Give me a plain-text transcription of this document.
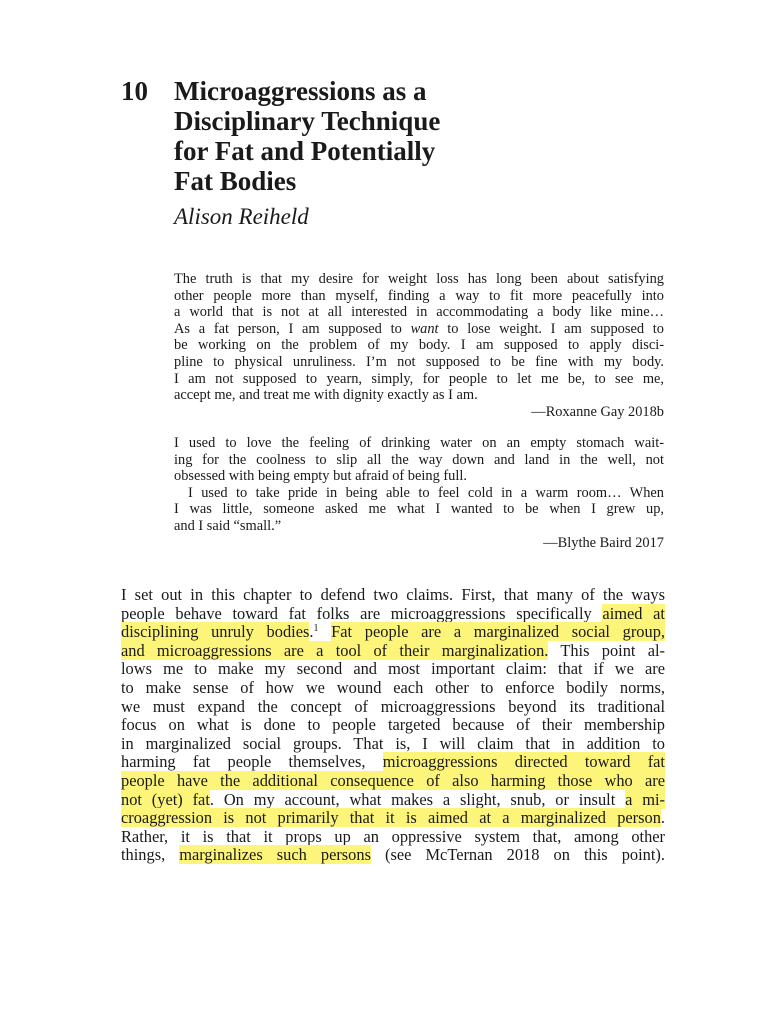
10 Microaggressions as a
Disciplinary Technique
for Fat and Potentially
Fat Bodies
Alison Reiheld
The truth is that my desire for weight loss has long been about satisfying
other people more than myself, finding a way to fit more peacefully into
a world that is not at all interested in accommodating a body like mine…
As a fat person, I am supposed to want to lose weight. I am supposed to
be working on the problem of my body. I am supposed to apply disci-
pline to physical unruliness. I’m not supposed to be fine with my body.
I am not supposed to yearn, simply, for people to let me be, to see me,
accept me, and treat me with dignity exactly as I am.
—Roxanne Gay 2018b
I used to love the feeling of drinking water on an empty stomach wait-
ing for the coolness to slip all the way down and land in the well, not
obsessed with being empty but afraid of being full.
I used to take pride in being able to feel cold in a warm room… When
I was little, someone asked me what I wanted to be when I grew up,
and I said “small.”
—Blythe Baird 2017
I set out in this chapter to defend two claims. First, that many of the ways
people behave toward fat folks are microaggressions specifically aimed at
disciplining unruly bodies.$^1$ Fat people are a marginalized social group,
and microaggressions are a tool of their marginalization. This point al-
lows me to make my second and most important claim: that if we are
to make sense of how we wound each other to enforce bodily norms,
we must expand the concept of microaggressions beyond its traditional
focus on what is done to people targeted because of their membership
in marginalized social groups. That is, I will claim that in addition to
harming fat people themselves, microaggressions directed toward fat
people have the additional consequence of also harming those who are
not (yet) fat. On my account, what makes a slight, snub, or insult a mi-
croaggression is not primarily that it is aimed at a marginalized person.
Rather, it is that it props up an oppressive system that, among other
things, marginalizes such persons (see McTernan 2018 on this point).
